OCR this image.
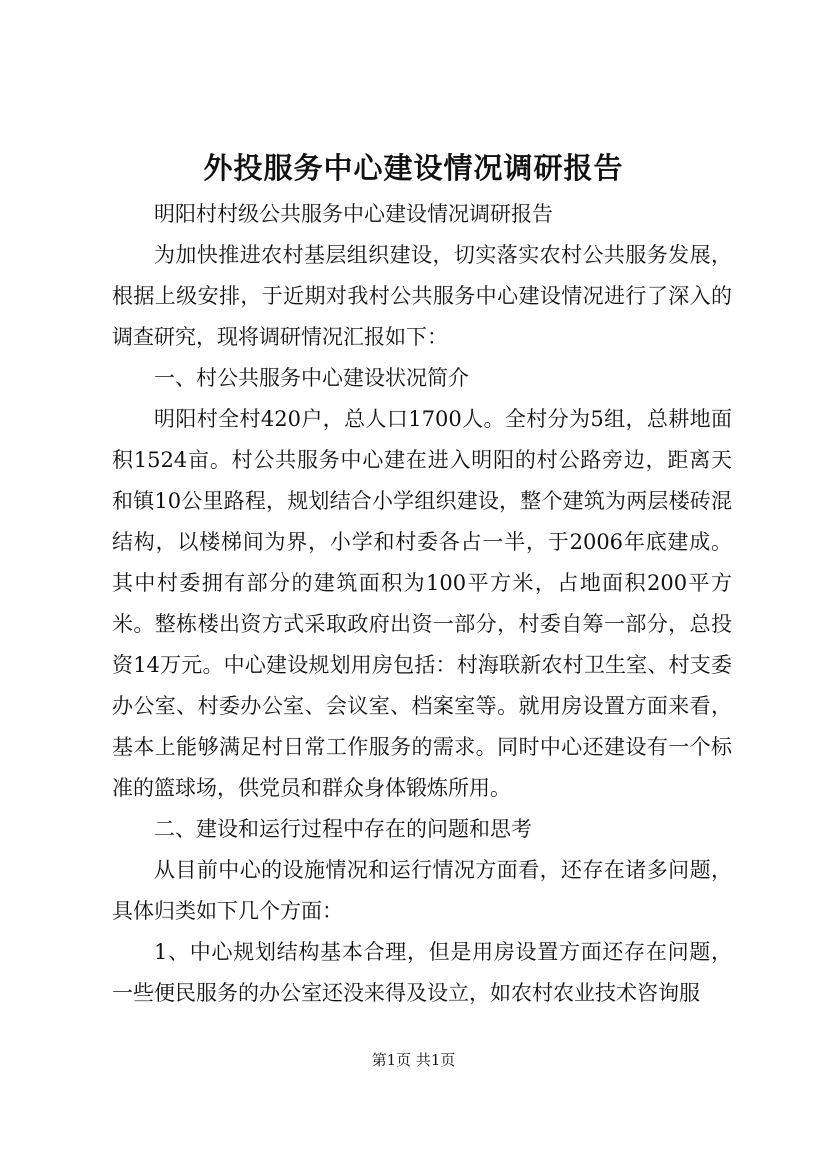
外投服务中心建设情况调研报告

明阳村村级公共服务中心建设情况调研报告

为加快推进农村基层组织建设，切实落实农村公共服务发展，根据上级安排，于近期对我村公共服务中心建设情况进行了深入的调查研究，现将调研情况汇报如下：

一、村公共服务中心建设状况简介

明阳村全村420户，总人口1700人。全村分为5组，总耕地面积1524亩。村公共服务中心建在进入明阳的村公路旁边，距离天和镇10公里路程，规划结合小学组织建设，整个建筑为两层楼砖混结构，以楼梯间为界，小学和村委各占一半，于2006年底建成。其中村委拥有部分的建筑面积为100平方米，占地面积200平方米。整栋楼出资方式采取政府出资一部分，村委自筹一部分，总投资14万元。中心建设规划用房包括：村海联新农村卫生室、村支委办公室、村委办公室、会议室、档案室等。就用房设置方面来看，基本上能够满足村日常工作服务的需求。同时中心还建设有一个标准的篮球场，供党员和群众身体锻炼所用。

二、建设和运行过程中存在的问题和思考

从目前中心的设施情况和运行情况方面看，还存在诸多问题，具体归类如下几个方面：

1、中心规划结构基本合理，但是用房设置方面还存在问题，一些便民服务的办公室还没来得及设立，如农村农业技术咨询服

第1页 共1页
